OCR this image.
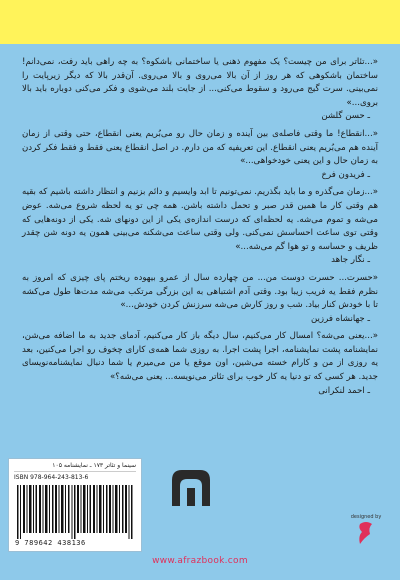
«...تئاتر برای من چیست؟ یک مفهوم ذهنی یا ساختمانی باشکوه؟ به چه راهی باید رفت، نمی‌دانم! ساختمان باشکوهی که هر روز از آن بالا می‌روی و بالا می‌روی. آن‌قدر بالا که دیگر زیرپایت را نمی‌بینی. سرت گیج می‌رود و سقوط می‌کنی... از جایت بلند می‌شوی و فکر می‌کنی دوباره باید بالا بروی...»

ـ حسن گلشن

«...انقطاع! ما وقتی فاصله‌ی بین آینده و زمان حال رو می‌بُریم یعنی انقطاع، حتی وقتی از زمان آینده هم می‌بُریم یعنی انقطاع. این تعریفیه که من دارم. در اصل انقطاع یعنی فقط و فقط فکر کردن به زمان حال و این یعنی خودخواهی...»

ـ فریدون فرخ

«...زمان می‌گذره و ما باید بگذریم. نمی‌تونیم تا ابد وایسیم و دائم بزنیم و انتظار داشته باشیم که بقیه هم وقتی کار ما همین قدر صبر و تحمل داشته باشن. همه چی تو یه لحظه شروع می‌شه. عوض می‌شه و تموم می‌شه. یه لحظه‌ای که درست اندازه‌ی یکی از این دونهای شه. یکی از دونه‌هایی که وقتی توی ساعت احساسش نمی‌کنی. ولی وقتی ساعت می‌شکنه می‌بینی همون یه دونه شن چقدر ظریف و حساسه و تو هوا گم می‌شه...»

ـ نگار جاهد

«حسرت... حسرت دوست من... من چهارده سال از عمرو بیهوده ریختم پای چیزی که امروز به نظرم فقط یه فریب زیبا بود. وقتی آدم اشتباهی به این بزرگی مرتکب می‌شه مدت‌ها طول می‌کشه تا با خودش کنار بیاد. شب و روز کارش می‌شه سرزنش کردن خودش...»

ـ جهانشاه فرزین

«...یعنی می‌شه؟ امسال کار می‌کنیم، سال دیگه باز کار می‌کنیم، آدمای جدید به ما اضافه می‌شن، نمایشنامه پشت نمایشنامه، اجرا پشت اجرا. به روزی شما همه‌ی کارای چخوف رو اجرا می‌کنین، بعد یه روزی از من و کارام خسته می‌شین، اون موقع یا من می‌میرم یا شما دنبال نمایشنامه‌نویسای جدید. هر کسی که تو دنیا یه کار خوب برای تئاتر می‌نویسه... یعنی می‌شه؟»

ـ احمد لنکرانی

سینما و تئاتر ۱۷۳ ـ نمایشنامه ۱۰۵
ISBN 978-964-243-813-6
9 789642 438136
designed by
www.afrazbook.com
